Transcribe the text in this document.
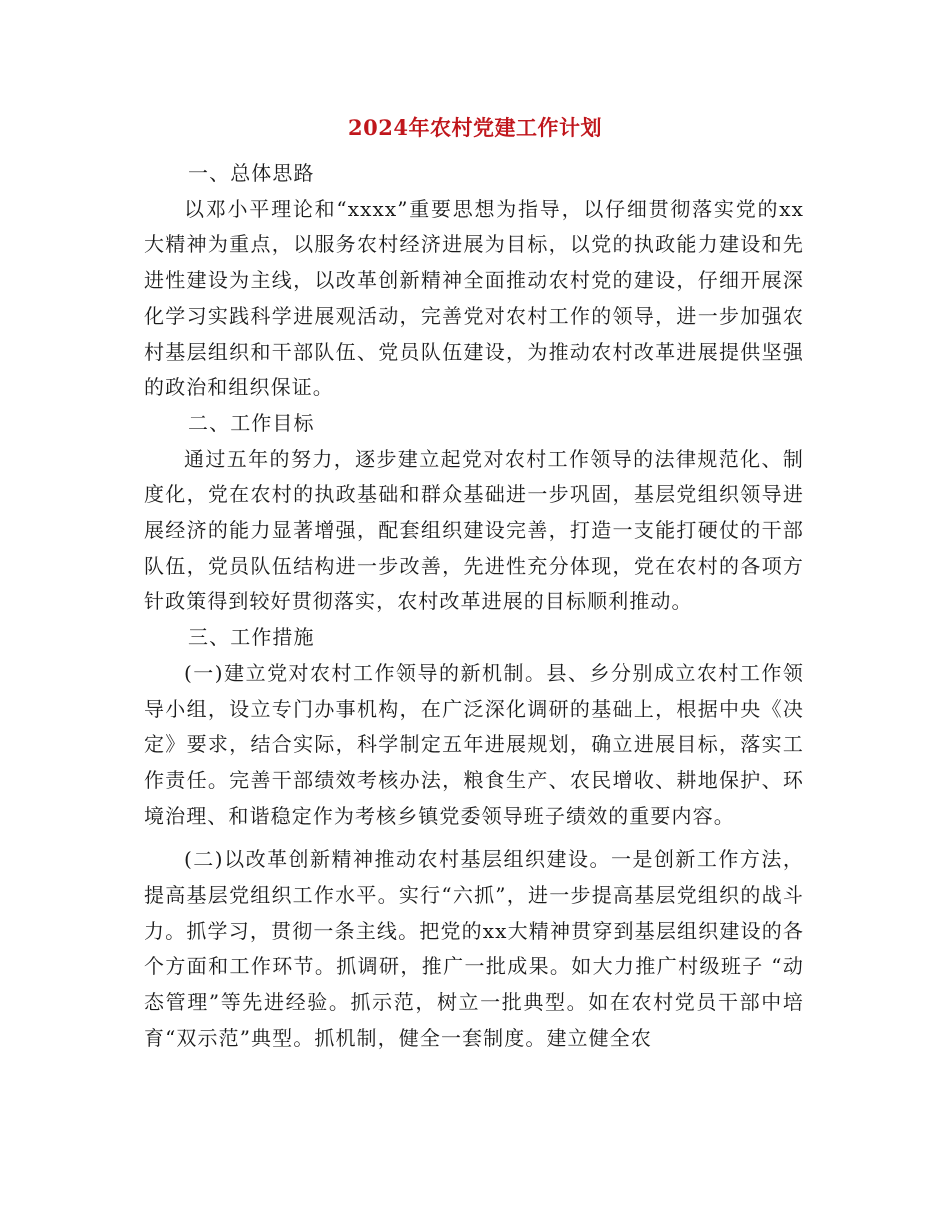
2024年农村党建工作计划

一、总体思路

以邓小平理论和“xxxx”重要思想为指导，以仔细贯彻落实党的xx大精神为重点，以服务农村经济进展为目标，以党的执政能力建设和先进性建设为主线，以改革创新精神全面推动农村党的建设，仔细开展深化学习实践科学进展观活动，完善党对农村工作的领导，进一步加强农村基层组织和干部队伍、党员队伍建设，为推动农村改革进展提供坚强的政治和组织保证。

二、工作目标

通过五年的努力，逐步建立起党对农村工作领导的法律规范化、制度化，党在农村的执政基础和群众基础进一步巩固，基层党组织领导进展经济的能力显著增强，配套组织建设完善，打造一支能打硬仗的干部队伍，党员队伍结构进一步改善，先进性充分体现，党在农村的各项方针政策得到较好贯彻落实，农村改革进展的目标顺利推动。

三、工作措施

(一)建立党对农村工作领导的新机制。县、乡分别成立农村工作领导小组，设立专门办事机构，在广泛深化调研的基础上，根据中央《决定》要求，结合实际，科学制定五年进展规划，确立进展目标，落实工作责任。完善干部绩效考核办法，粮食生产、农民增收、耕地保护、环境治理、和谐稳定作为考核乡镇党委领导班子绩效的重要内容。

(二)以改革创新精神推动农村基层组织建设。一是创新工作方法，提高基层党组织工作水平。实行“六抓”，进一步提高基层党组织的战斗力。抓学习，贯彻一条主线。把党的xx大精神贯穿到基层组织建设的各个方面和工作环节。抓调研，推广一批成果。如大力推广村级班子 “动态管理”等先进经验。抓示范，树立一批典型。如在农村党员干部中培育“双示范”典型。抓机制，健全一套制度。建立健全农
